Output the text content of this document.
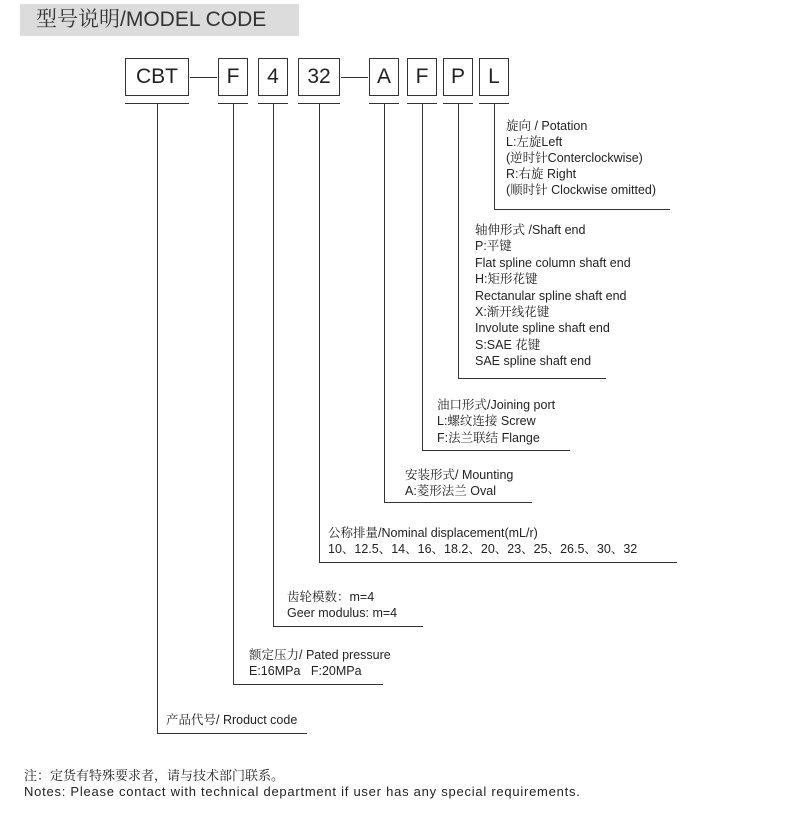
型号说明/MODEL CODE
CBT	F	4	32	A	F	P	L
旋向 / Potation
L:左旋Left
(逆时针Conterclockwise)
R:右旋 Right
(顺时针 Clockwise omitted)
轴伸形式 /Shaft end
P:平键
Flat spline column shaft end
H:矩形花键
Rectanular spline shaft end
X:渐开线花键
Involute spline shaft end
S:SAE 花键
SAE spline shaft end
油口形式/Joining port
L:螺纹连接 Screw
F:法兰联结 Flange
安装形式/ Mounting
A:菱形法兰 Oval
公称排量/Nominal displacement(mL/r)
10、12.5、14、16、18.2、20、23、25、26.5、30、32
齿轮模数：m=4
Geer modulus: m=4
额定压力/ Pated pressure
E:16MPa   F:20MPa
产品代号/ Rroduct code
注：定货有特殊要求者，请与技术部门联系。
Notes: Please contact with technical department if user has any special requirements.
